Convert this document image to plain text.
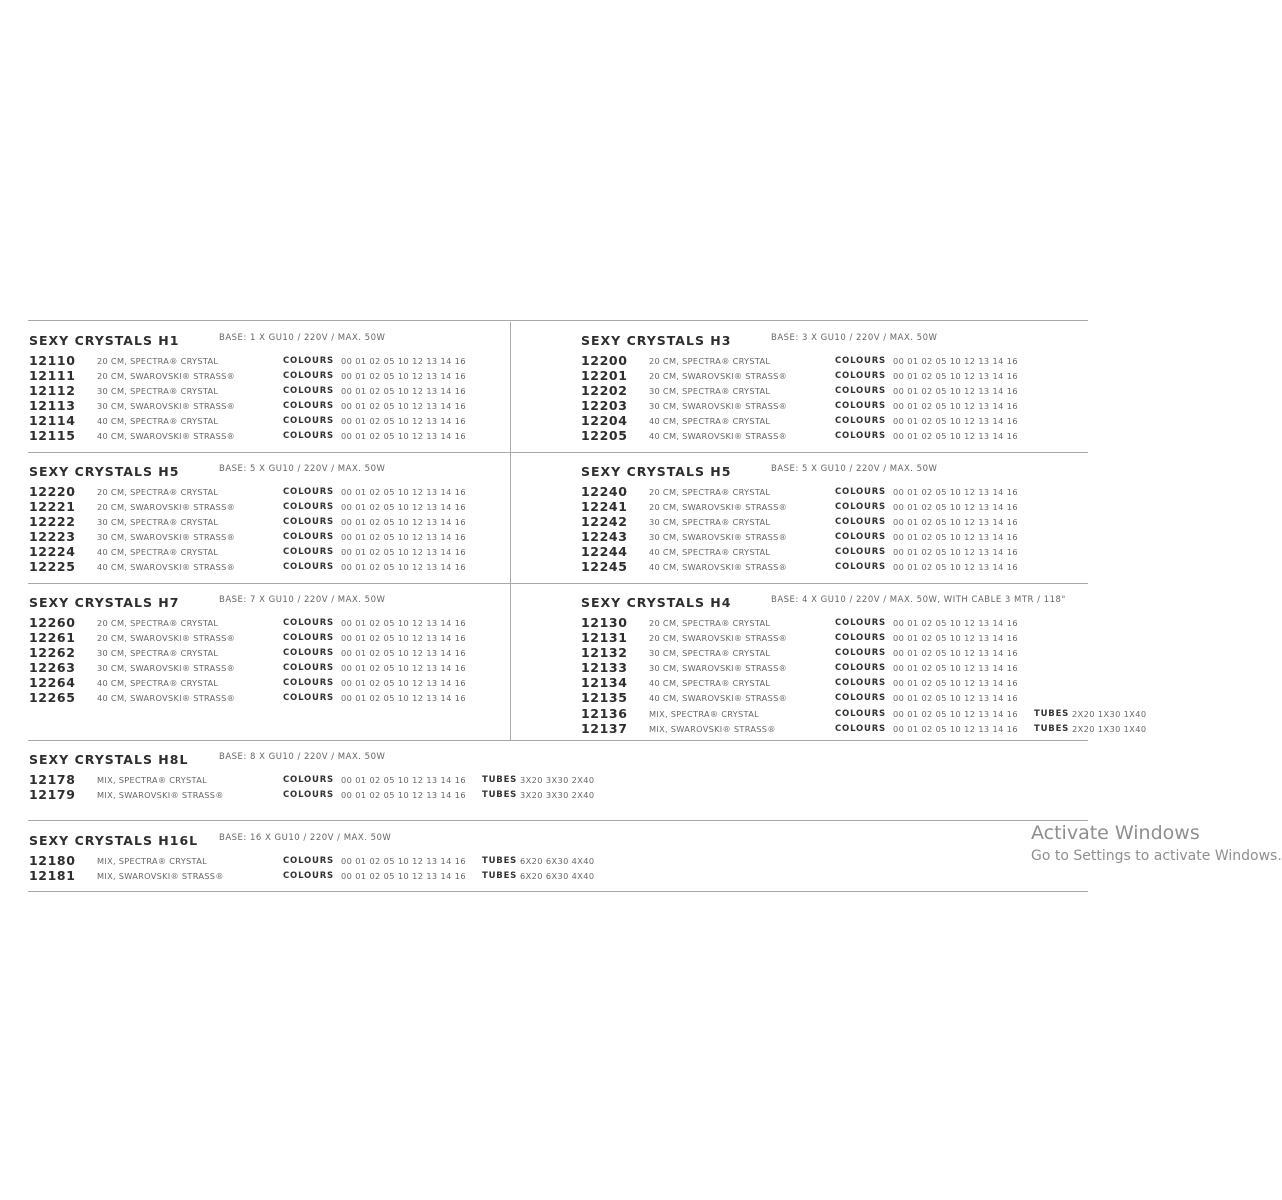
SEXY CRYSTALS H1	BASE: 1 X GU10 / 220V / MAX. 50W
12110	20 CM, SPECTRA® CRYSTAL	COLOURS 00 01 02 05 10 12 13 14 16
12111	20 CM, SWAROVSKI® STRASS®	COLOURS 00 01 02 05 10 12 13 14 16
12112	30 CM, SPECTRA® CRYSTAL	COLOURS 00 01 02 05 10 12 13 14 16
12113	30 CM, SWAROVSKI® STRASS®	COLOURS 00 01 02 05 10 12 13 14 16
12114	40 CM, SPECTRA® CRYSTAL	COLOURS 00 01 02 05 10 12 13 14 16
12115	40 CM, SWAROVSKI® STRASS®	COLOURS 00 01 02 05 10 12 13 14 16
SEXY CRYSTALS H3	BASE: 3 X GU10 / 220V / MAX. 50W
12200	20 CM, SPECTRA® CRYSTAL	COLOURS 00 01 02 05 10 12 13 14 16
12201	20 CM, SWAROVSKI® STRASS®	COLOURS 00 01 02 05 10 12 13 14 16
12202	30 CM, SPECTRA® CRYSTAL	COLOURS 00 01 02 05 10 12 13 14 16
12203	30 CM, SWAROVSKI® STRASS®	COLOURS 00 01 02 05 10 12 13 14 16
12204	40 CM, SPECTRA® CRYSTAL	COLOURS 00 01 02 05 10 12 13 14 16
12205	40 CM, SWAROVSKI® STRASS®	COLOURS 00 01 02 05 10 12 13 14 16
SEXY CRYSTALS H5	BASE: 5 X GU10 / 220V / MAX. 50W
12220	20 CM, SPECTRA® CRYSTAL	COLOURS 00 01 02 05 10 12 13 14 16
12221	20 CM, SWAROVSKI® STRASS®	COLOURS 00 01 02 05 10 12 13 14 16
12222	30 CM, SPECTRA® CRYSTAL	COLOURS 00 01 02 05 10 12 13 14 16
12223	30 CM, SWAROVSKI® STRASS®	COLOURS 00 01 02 05 10 12 13 14 16
12224	40 CM, SPECTRA® CRYSTAL	COLOURS 00 01 02 05 10 12 13 14 16
12225	40 CM, SWAROVSKI® STRASS®	COLOURS 00 01 02 05 10 12 13 14 16
SEXY CRYSTALS H5	BASE: 5 X GU10 / 220V / MAX. 50W
12240	20 CM, SPECTRA® CRYSTAL	COLOURS 00 01 02 05 10 12 13 14 16
12241	20 CM, SWAROVSKI® STRASS®	COLOURS 00 01 02 05 10 12 13 14 16
12242	30 CM, SPECTRA® CRYSTAL	COLOURS 00 01 02 05 10 12 13 14 16
12243	30 CM, SWAROVSKI® STRASS®	COLOURS 00 01 02 05 10 12 13 14 16
12244	40 CM, SPECTRA® CRYSTAL	COLOURS 00 01 02 05 10 12 13 14 16
12245	40 CM, SWAROVSKI® STRASS®	COLOURS 00 01 02 05 10 12 13 14 16
SEXY CRYSTALS H7	BASE: 7 X GU10 / 220V / MAX. 50W
12260	20 CM, SPECTRA® CRYSTAL	COLOURS 00 01 02 05 10 12 13 14 16
12261	20 CM, SWAROVSKI® STRASS®	COLOURS 00 01 02 05 10 12 13 14 16
12262	30 CM, SPECTRA® CRYSTAL	COLOURS 00 01 02 05 10 12 13 14 16
12263	30 CM, SWAROVSKI® STRASS®	COLOURS 00 01 02 05 10 12 13 14 16
12264	40 CM, SPECTRA® CRYSTAL	COLOURS 00 01 02 05 10 12 13 14 16
12265	40 CM, SWAROVSKI® STRASS®	COLOURS 00 01 02 05 10 12 13 14 16
SEXY CRYSTALS H4	BASE: 4 X GU10 / 220V / MAX. 50W, WITH CABLE 3 MTR / 118"
12130	20 CM, SPECTRA® CRYSTAL	COLOURS 00 01 02 05 10 12 13 14 16
12131	20 CM, SWAROVSKI® STRASS®	COLOURS 00 01 02 05 10 12 13 14 16
12132	30 CM, SPECTRA® CRYSTAL	COLOURS 00 01 02 05 10 12 13 14 16
12133	30 CM, SWAROVSKI® STRASS®	COLOURS 00 01 02 05 10 12 13 14 16
12134	40 CM, SPECTRA® CRYSTAL	COLOURS 00 01 02 05 10 12 13 14 16
12135	40 CM, SWAROVSKI® STRASS®	COLOURS 00 01 02 05 10 12 13 14 16
12136	MIX, SPECTRA® CRYSTAL	COLOURS 00 01 02 05 10 12 13 14 16 TUBES 2X20 1X30 1X40
12137	MIX, SWAROVSKI® STRASS®	COLOURS 00 01 02 05 10 12 13 14 16 TUBES 2X20 1X30 1X40
SEXY CRYSTALS H8L	BASE: 8 X GU10 / 220V / MAX. 50W
12178	MIX, SPECTRA® CRYSTAL	COLOURS 00 01 02 05 10 12 13 14 16 TUBES 3X20 3X30 2X40
12179	MIX, SWAROVSKI® STRASS®	COLOURS 00 01 02 05 10 12 13 14 16 TUBES 3X20 3X30 2X40
SEXY CRYSTALS H16L BASE: 16 X GU10 / 220V / MAX. 50W
12180	MIX, SPECTRA® CRYSTAL	COLOURS 00 01 02 05 10 12 13 14 16 TUBES 6X20 6X30 4X40
12181	MIX, SWAROVSKI® STRASS®	COLOURS 00 01 02 05 10 12 13 14 16 TUBES 6X20 6X30 4X40
Activate Windows
Go to Settings to activate Windows.
